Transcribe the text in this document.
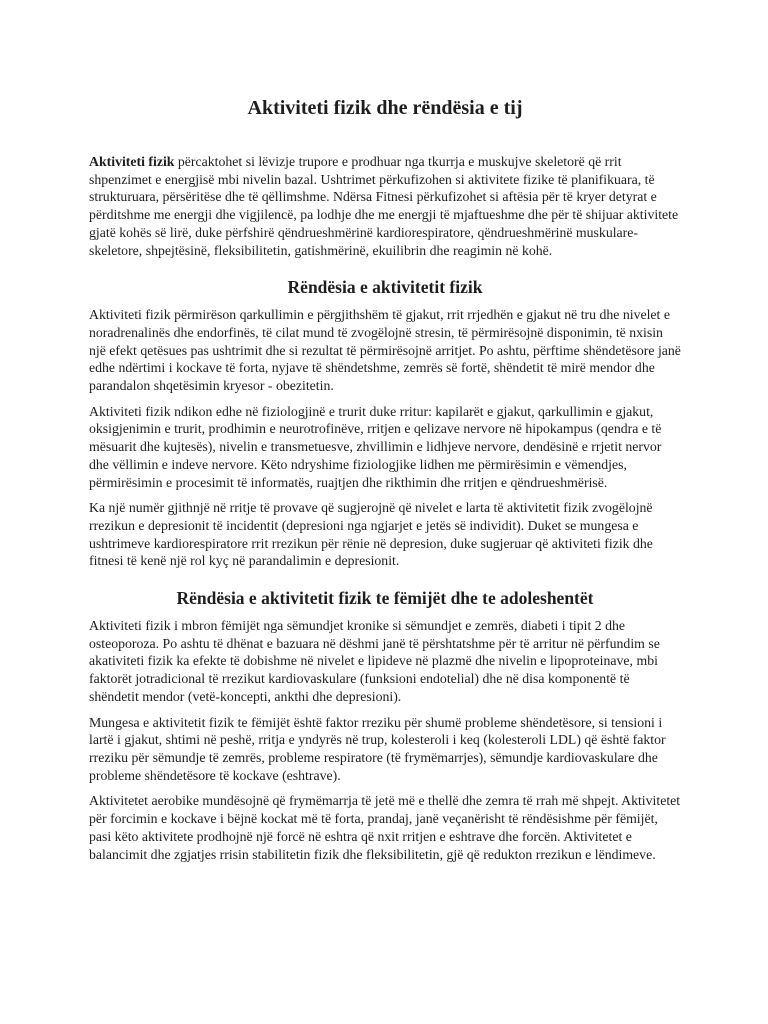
Aktiviteti fizik dhe rëndësia e tij

Aktiviteti fizik përcaktohet si lëvizje trupore e prodhuar nga tkurrja e muskujve skeletorë që rrit shpenzimet e energjisë mbi nivelin bazal. Ushtrimet përkufizohen si aktivitete fizike të planifikuara, të strukturuara, përsëritëse dhe të qëllimshme. Ndërsa Fitnesi përkufizohet si aftësia për të kryer detyrat e përditshme me energji dhe vigjilencë, pa lodhje dhe me energji të mjaftueshme dhe për të shijuar aktivitete gjatë kohës së lirë, duke përfshirë qëndrueshmërinë kardiorespiratore, qëndrueshmërinë muskulare-skeletore, shpejtësinë, fleksibilitetin, gatishmërinë, ekuilibrin dhe reagimin në kohë.

Rëndësia e aktivitetit fizik

Aktiviteti fizik përmirëson qarkullimin e përgjithshëm të gjakut, rrit rrjedhën e gjakut në tru dhe nivelet e noradrenalinës dhe endorfinës, të cilat mund të zvogëlojnë stresin, të përmirësojnë disponimin, të nxisin një efekt qetësues pas ushtrimit dhe si rezultat të përmirësojnë arritjet. Po ashtu, përftime shëndetësore janë edhe ndërtimi i kockave të forta, nyjave të shëndetshme, zemrës së fortë, shëndetit të mirë mendor dhe parandalon shqetësimin kryesor - obezitetin.

Aktiviteti fizik ndikon edhe në fiziologjinë e trurit duke rritur: kapilarët e gjakut, qarkullimin e gjakut, oksigjenimin e trurit, prodhimin e neurotrofinëve, rritjen e qelizave nervore në hipokampus (qendra e të mësuarit dhe kujtesës), nivelin e transmetuesve, zhvillimin e lidhjeve nervore, dendësinë e rrjetit nervor dhe vëllimin e indeve nervore. Këto ndryshime fiziologjike lidhen me përmirësimin e vëmendjes, përmirësimin e procesimit të informatës, ruajtjen dhe rikthimin dhe rritjen e qëndrueshmërisë.

Ka një numër gjithnjë në rritje të provave që sugjerojnë që nivelet e larta të aktivitetit fizik zvogëlojnë rrezikun e depresionit të incidentit (depresioni nga ngjarjet e jetës së individit). Duket se mungesa e ushtrimeve kardiorespiratore rrit rrezikun për rënie në depresion, duke sugjeruar që aktiviteti fizik dhe fitnesi të kenë një rol kyç në parandalimin e depresionit.

Rëndësia e aktivitetit fizik te fëmijët dhe te adoleshentët

Aktiviteti fizik i mbron fëmijët nga sëmundjet kronike si sëmundjet e zemrës, diabeti i tipit 2 dhe osteoporoza. Po ashtu të dhënat e bazuara në dëshmi janë të përshtatshme për të arritur në përfundim se akativiteti fizik ka efekte të dobishme në nivelet e lipideve në plazmë dhe nivelin e lipoproteinave, mbi faktorët jotradicional të rrezikut kardiovaskulare (funksioni endotelial) dhe në disa komponentë të shëndetit mendor (vetë-koncepti, ankthi dhe depresioni).

Mungesa e aktivitetit fizik te fëmijët është faktor rreziku për shumë probleme shëndetësore, si tensioni i lartë i gjakut, shtimi në peshë, rritja e yndyrës në trup, kolesteroli i keq (kolesteroli LDL) që është faktor rreziku për sëmundje të zemrës, probleme respiratore (të frymëmarrjes), sëmundje kardiovaskulare dhe probleme shëndetësore të kockave (eshtrave).

Aktivitetet aerobike mundësojnë që frymëmarrja të jetë më e thellë dhe zemra të rrah më shpejt. Aktivitetet për forcimin e kockave i bëjnë kockat më të forta, prandaj, janë veçanërisht të rëndësishme për fëmijët, pasi këto aktivitete prodhojnë një forcë në eshtra që nxit rritjen e eshtrave dhe forcën. Aktivitetet e balancimit dhe zgjatjes rrisin stabilitetin fizik dhe fleksibilitetin, gjë që redukton rrezikun e lëndimeve.
